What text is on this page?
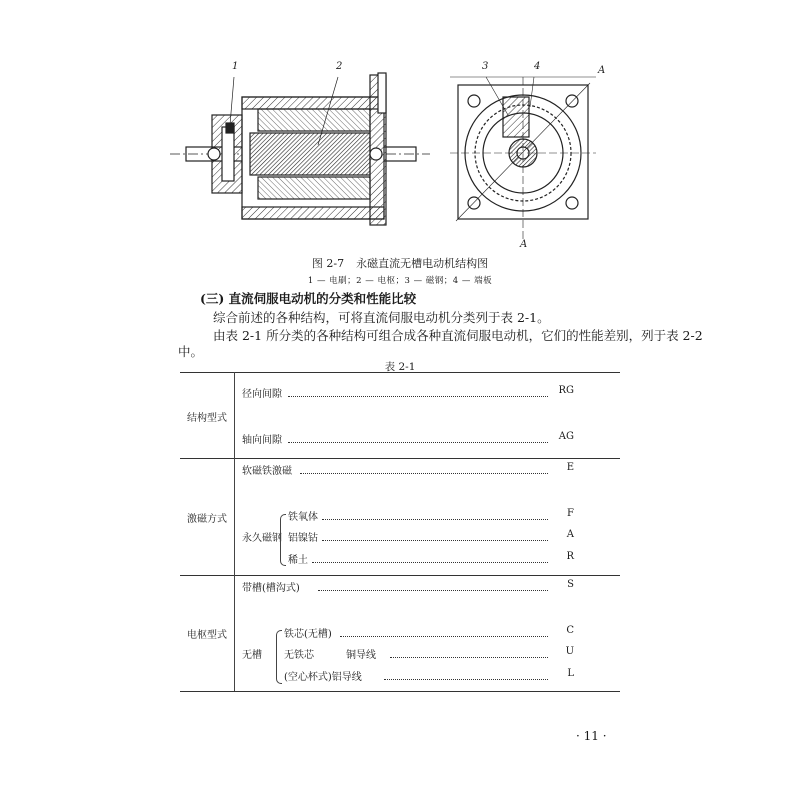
1	2	3	4	A
A
图 2-7 永磁直流无槽电动机结构图
1 — 电刷；2 — 电枢；3 — 磁钢；4 — 端板
(三) 直流伺服电动机的分类和性能比较
综合前述的各种结构，可将直流伺服电动机分类列于表 2-1。
由表 2-1 所分类的各种结构可组合成各种直流伺服电动机，它们的性能差别，列于表 2-2
中。
表 2-1
结构型式
径向间隙	RG
轴向间隙	AG
激磁方式
软磁铁激磁	E
永久磁钢
铁氧体	F
铝镍钴	A
稀土	R
电枢型式
带槽(槽沟式)	S
无槽
铁芯(无槽)	C
无铁芯	铜导线	U
(空心杯式)铝导线	L
· 11 ·
